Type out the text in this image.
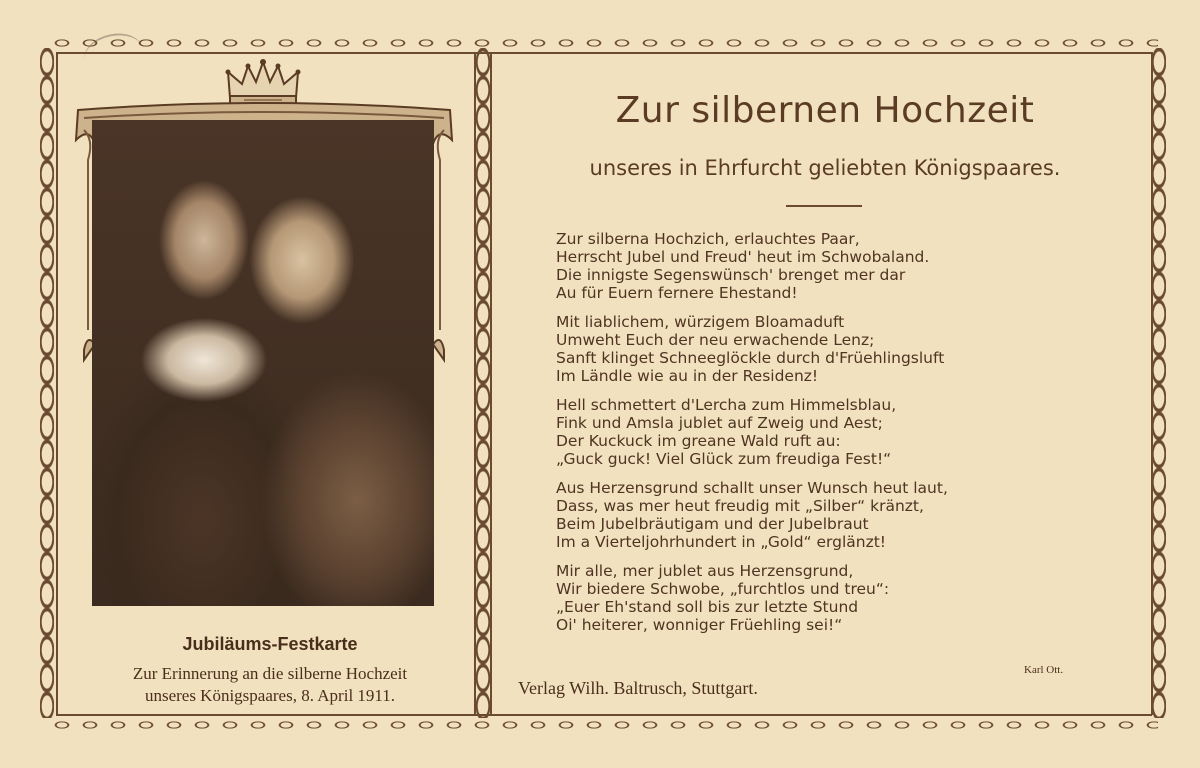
Jubiläums-Festkarte
Zur Erinnerung an die silberne Hochzeit
unseres Königspaares, 8. April 1911.
Zur silbernen Hochzeit
unseres in Ehrfurcht geliebten Königspaares.
Zur silberna Hochzich, erlauchtes Paar,
Herrscht Jubel und Freud' heut im Schwobaland.
Die innigste Segenswünsch' brenget mer dar
Au für Euern fernere Ehestand!
Mit liablichem, würzigem Bloamaduft
Umweht Euch der neu erwachende Lenz;
Sanft klinget Schneeglöckle durch d'Früehlingsluft
Im Ländle wie au in der Residenz!
Hell schmettert d'Lercha zum Himmelsblau,
Fink und Amsla jublet auf Zweig und Aest;
Der Kuckuck im greane Wald ruft au:
„Guck guck! Viel Glück zum freudiga Fest!“
Aus Herzensgrund schallt unser Wunsch heut laut,
Dass, was mer heut freudig mit „Silber“ kränzt,
Beim Jubelbräutigam und der Jubelbraut
Im a Vierteljohrhundert in „Gold“ erglänzt!
Mir alle, mer jublet aus Herzensgrund,
Wir biedere Schwobe, „furchtlos und treu“:
„Euer Eh'stand soll bis zur letzte Stund
Oi' heiterer, wonniger Früehling sei!“
Karl Ott.
Verlag Wilh. Baltrusch, Stuttgart.
